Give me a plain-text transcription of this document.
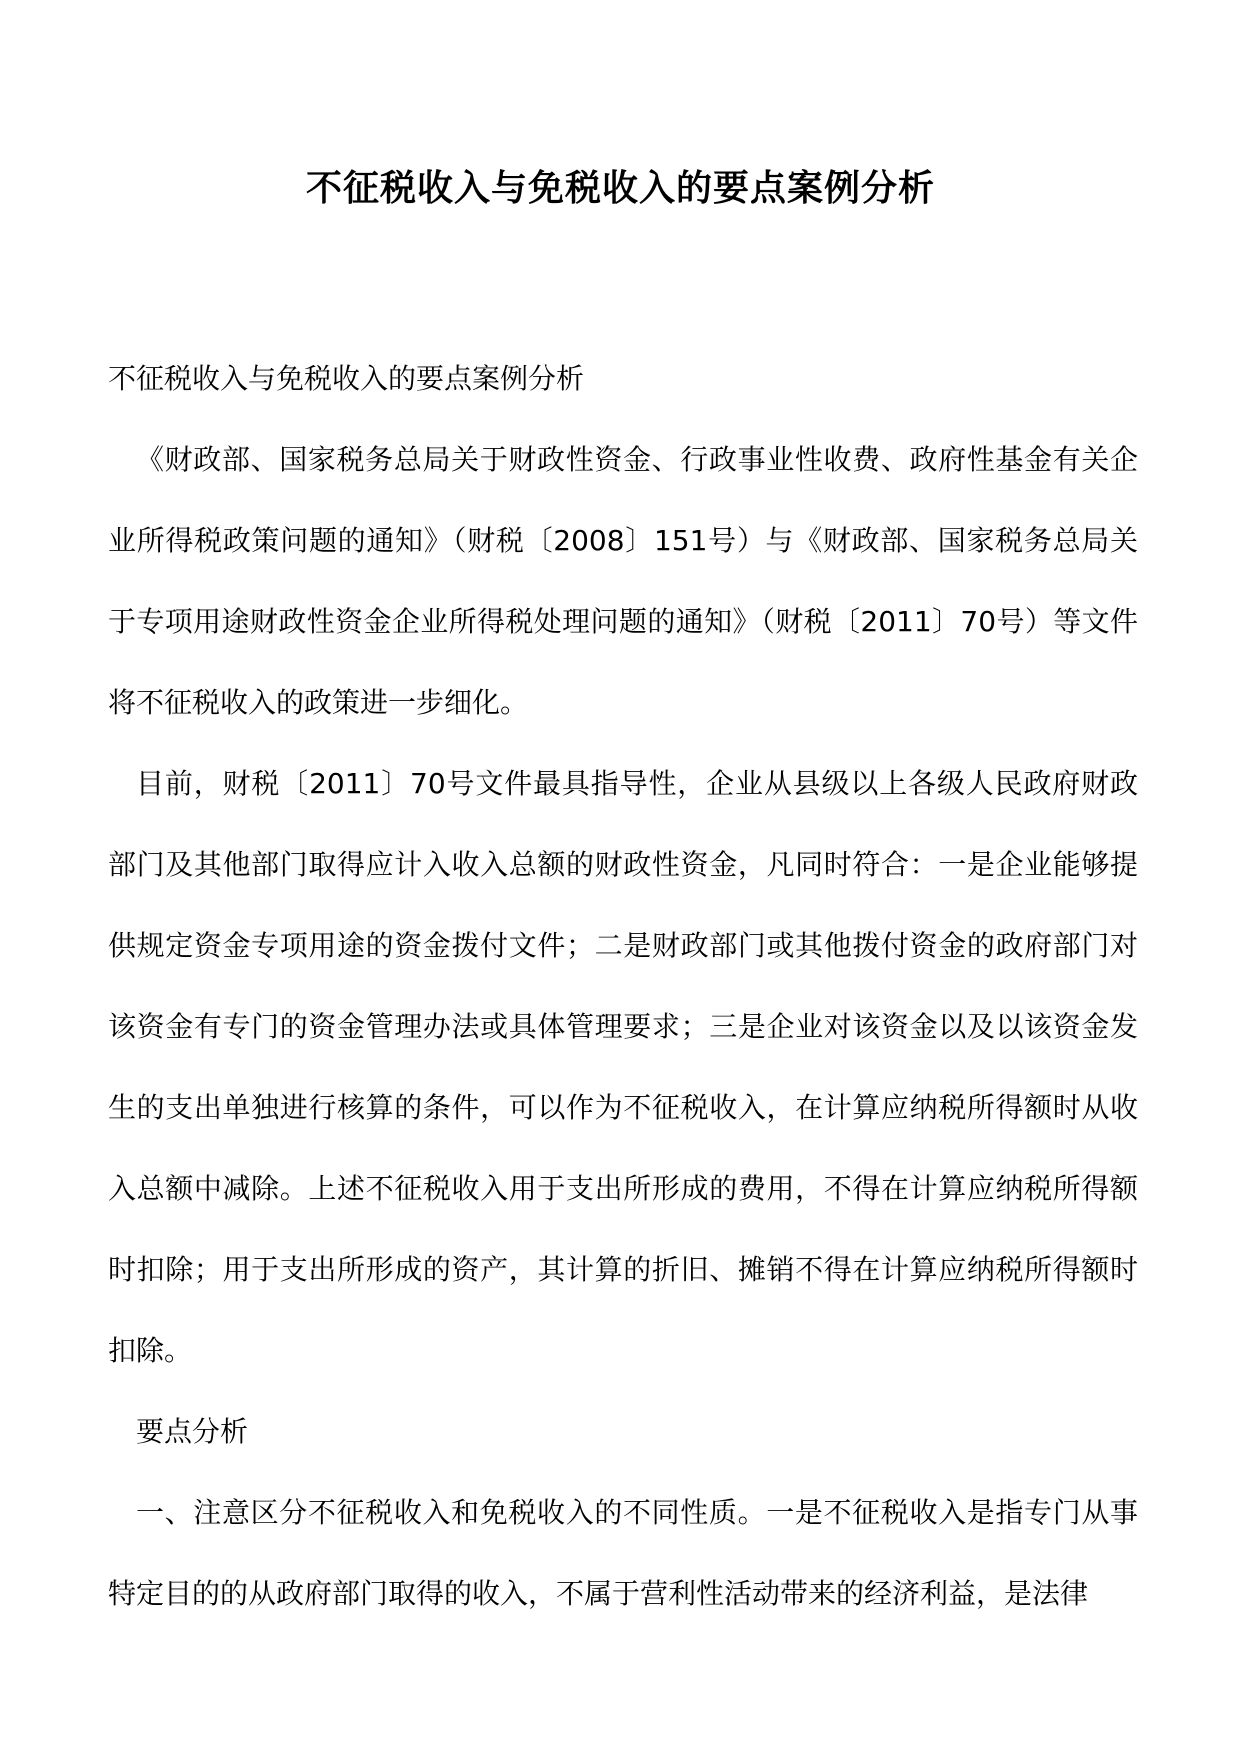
不征税收入与免税收入的要点案例分析

不征税收入与免税收入的要点案例分析

《财政部、国家税务总局关于财政性资金、行政事业性收费、政府性基金有关企业所得税政策问题的通知》（财税〔2008〕151号）与《财政部、国家税务总局关于专项用途财政性资金企业所得税处理问题的通知》（财税〔2011〕70号）等文件将不征税收入的政策进一步细化。

目前，财税〔2011〕70号文件最具指导性，企业从县级以上各级人民政府财政部门及其他部门取得应计入收入总额的财政性资金，凡同时符合：一是企业能够提供规定资金专项用途的资金拨付文件；二是财政部门或其他拨付资金的政府部门对该资金有专门的资金管理办法或具体管理要求；三是企业对该资金以及以该资金发生的支出单独进行核算的条件，可以作为不征税收入，在计算应纳税所得额时从收入总额中减除。上述不征税收入用于支出所形成的费用，不得在计算应纳税所得额时扣除；用于支出所形成的资产，其计算的折旧、摊销不得在计算应纳税所得额时扣除。

要点分析

一、注意区分不征税收入和免税收入的不同性质。一是不征税收入是指专门从事特定目的的从政府部门取得的收入，不属于营利性活动带来的经济利益，是法律
